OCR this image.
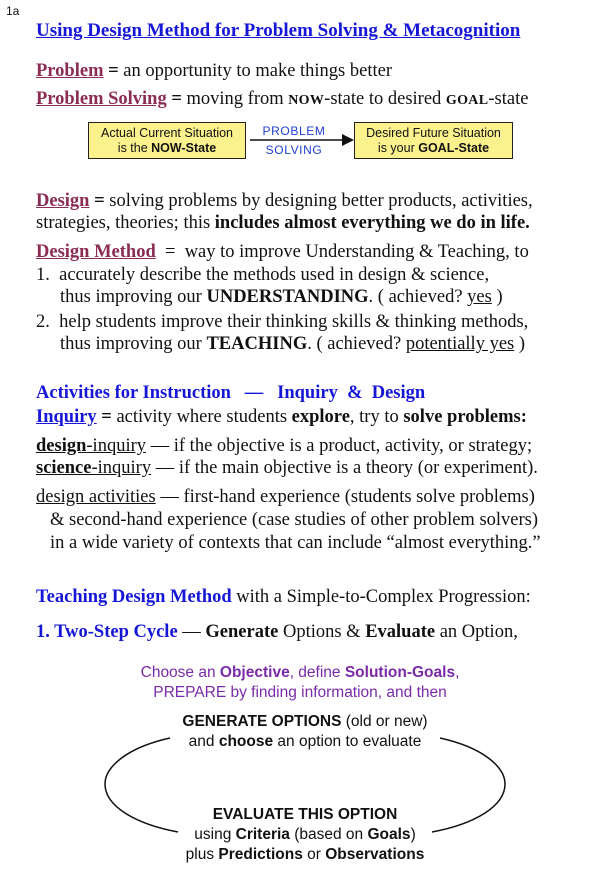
1a
Using Design Method for Problem Solving & Metacognition
Problem = an opportunity to make things better
Problem Solving = moving from NOW-state to desired GOAL-state
Actual Current Situation
is the NOW-State
PROBLEM
SOLVING
Desired Future Situation
is your GOAL-State
Design = solving problems by designing better products, activities,
strategies, theories; this includes almost everything we do in life.
Design Method = way to improve Understanding & Teaching, to
1. accurately describe the methods used in design & science,
thus improving our UNDERSTANDING. ( achieved? yes )
2. help students improve their thinking skills & thinking methods,
thus improving our TEACHING. ( achieved? potentially yes )
Activities for Instruction   —   Inquiry  &  Design
Inquiry = activity where students explore, try to solve problems:
design-inquiry — if the objective is a product, activity, or strategy;
science-inquiry — if the main objective is a theory (or experiment).
design activities — first-hand experience (students solve problems)
& second-hand experience (case studies of other problem solvers)
in a wide variety of contexts that can include “almost everything.”
Teaching Design Method with a Simple-to-Complex Progression:
1. Two-Step Cycle — Generate Options & Evaluate an Option,
Choose an Objective, define Solution-Goals,
PREPARE by finding information, and then
GENERATE OPTIONS (old or new)
and choose an option to evaluate
EVALUATE THIS OPTION
using Criteria (based on Goals)
plus Predictions or Observations
